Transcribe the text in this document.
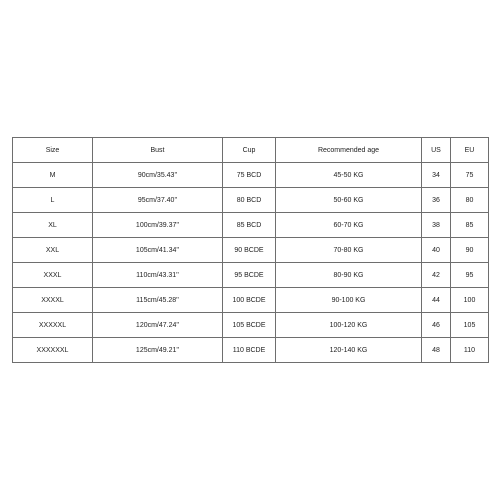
Size	Bust	Cup	Recommended age	US	EU
M	90cm/35.43''	75 BCD	45-50 KG	34	75
L	95cm/37.40''	80 BCD	50-60 KG	36	80
XL	100cm/39.37''	85 BCD	60-70 KG	38	85
XXL	105cm/41.34''	90 BCDE	70-80 KG	40	90
XXXL	110cm/43.31''	95 BCDE	80-90 KG	42	95
XXXXL	115cm/45.28''	100 BCDE	90-100 KG	44	100
XXXXXL	120cm/47.24''	105 BCDE	100-120 KG	46	105
XXXXXXL	125cm/49.21''	110 BCDE	120-140 KG	48	110
